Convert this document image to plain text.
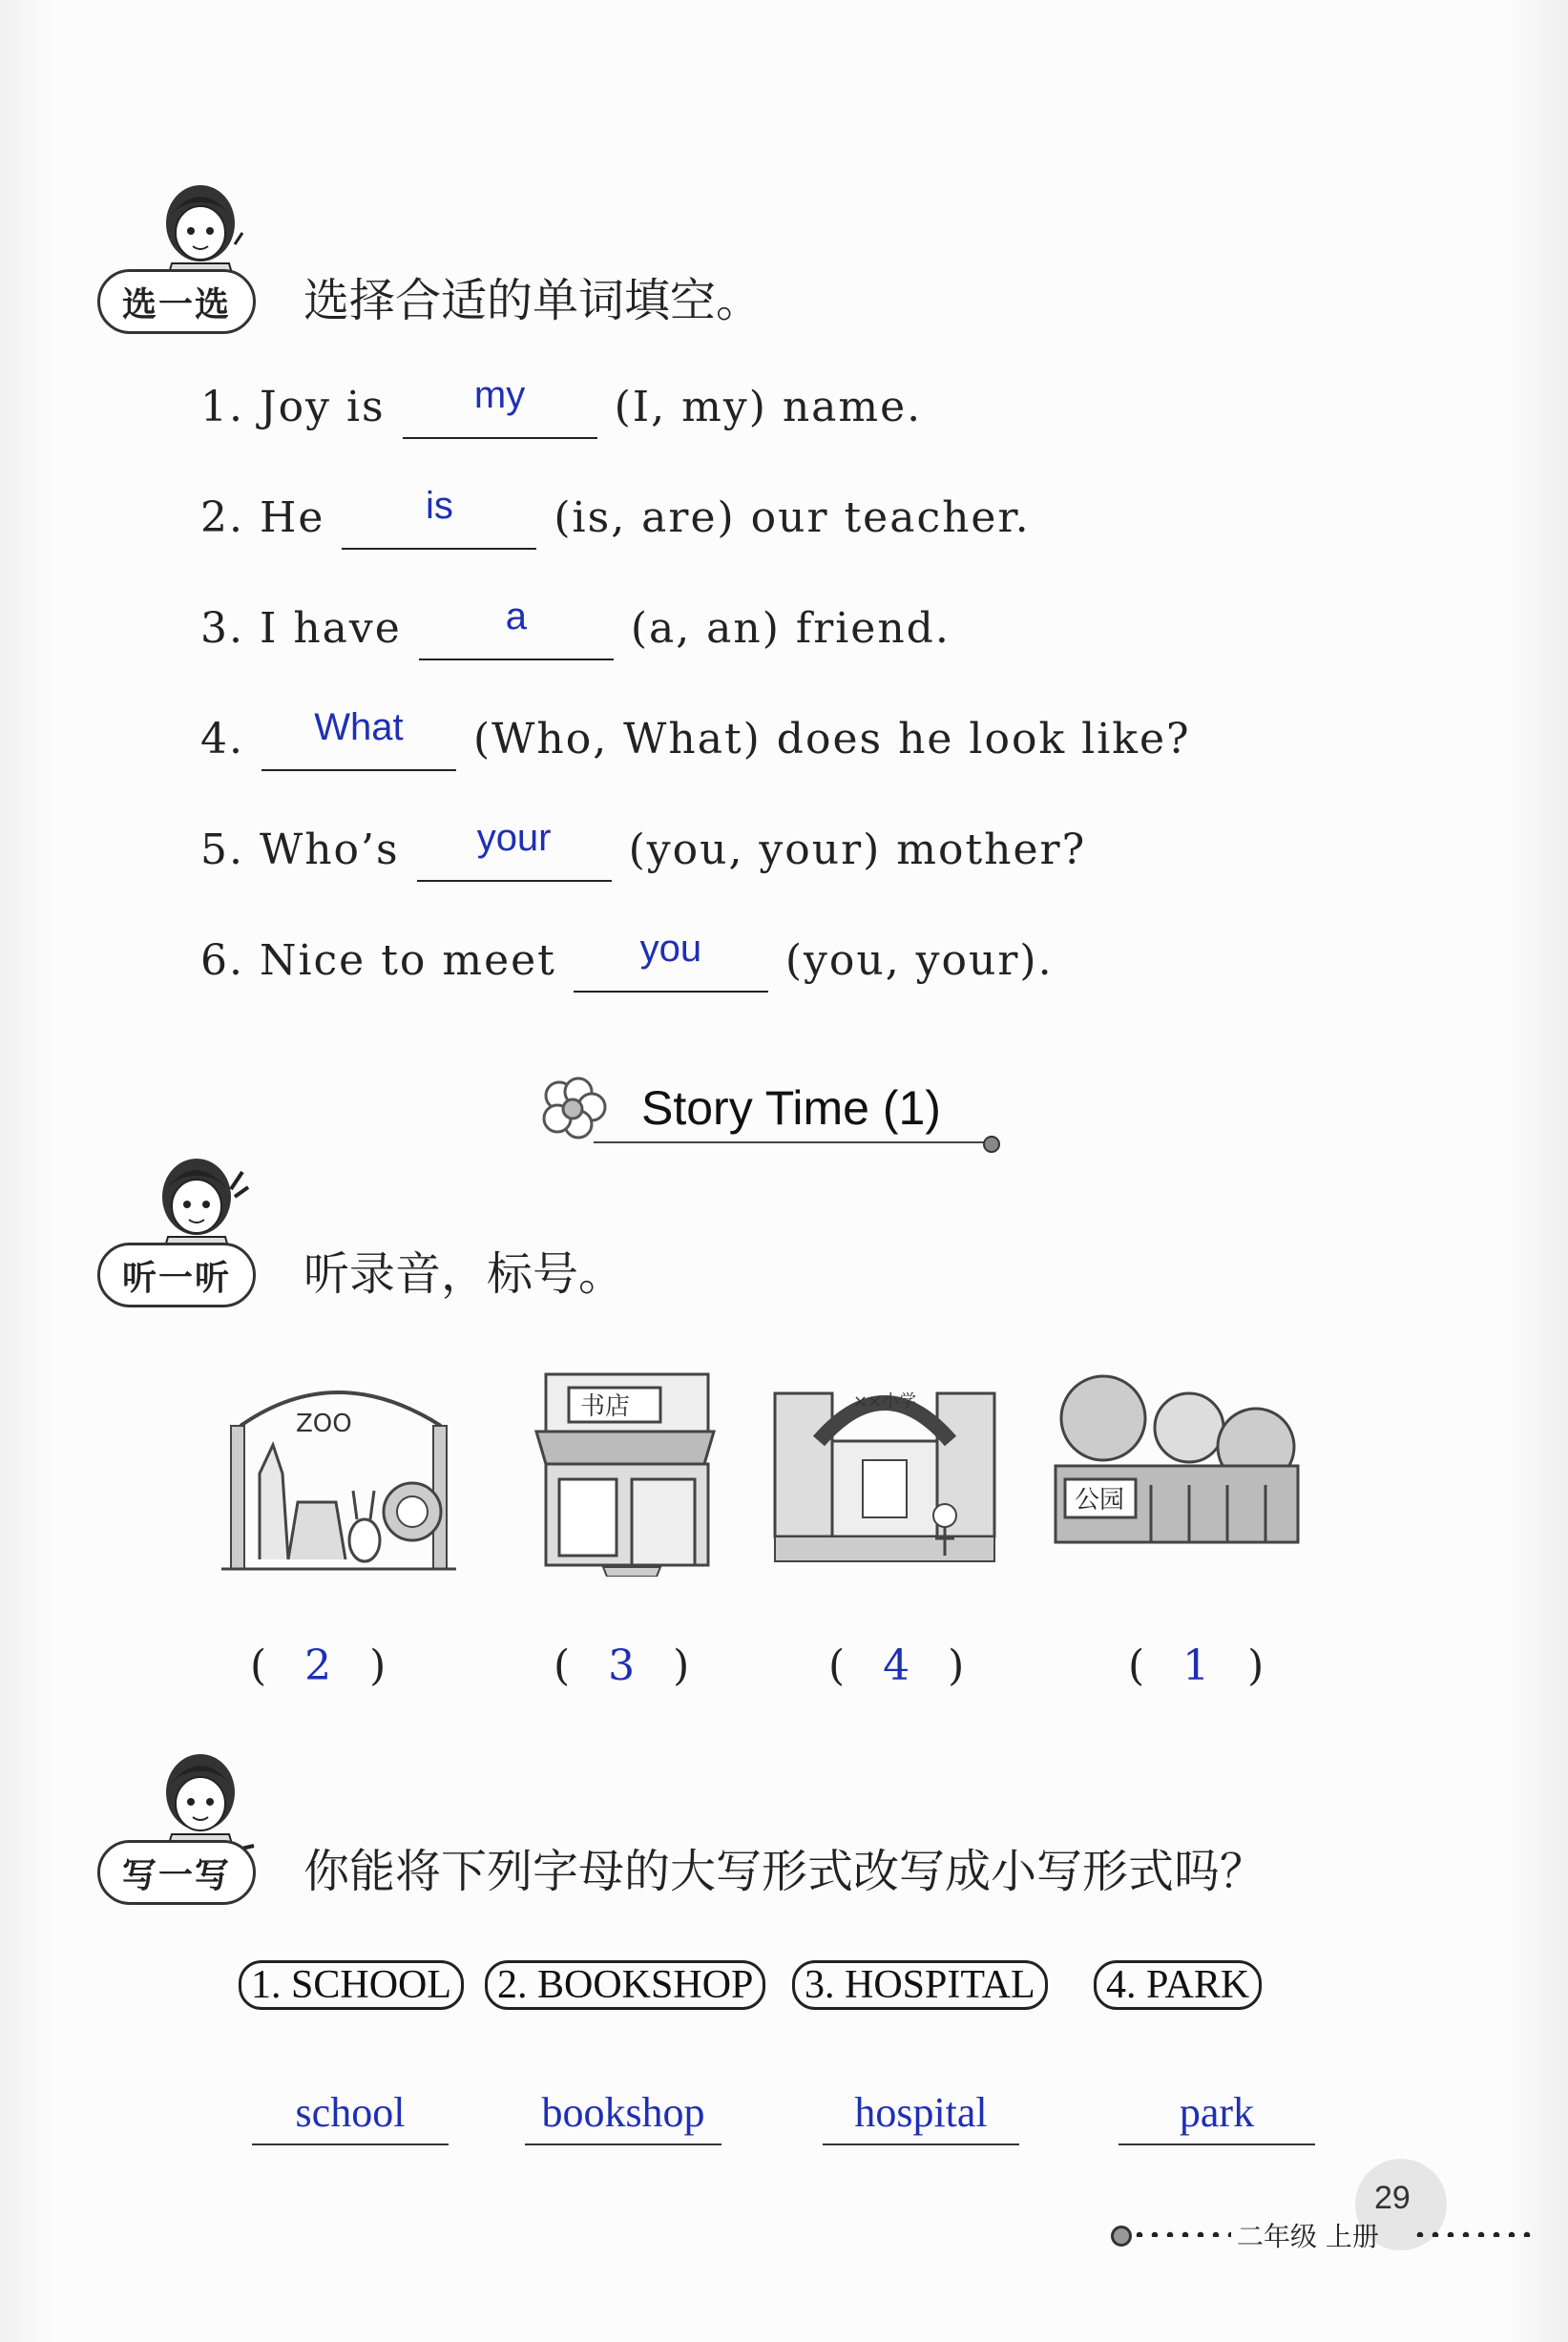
选一选	选择合适的单词填空。
1. Joy is	my	(I, my) name.
2. He	is	(is, are) our teacher.
3. I have	a	(a, an) friend.
4.	What	(Who, What) does he look like?
5. Who’s	your	(you, your) mother?
6. Nice to meet	you	(you, your).
Story Time (1)
听一听	听录音，标号。
ZOO
书店	××小学
公园
( 2 )	( 3 )	( 4 )	( 1 )
写一写	你能将下列字母的大写形式改写成小写形式吗？
1. SCHOOL	2. BOOKSHOP	3. HOSPITAL	4. PARK
school	bookshop	hospital	park
29
二年级 上册
